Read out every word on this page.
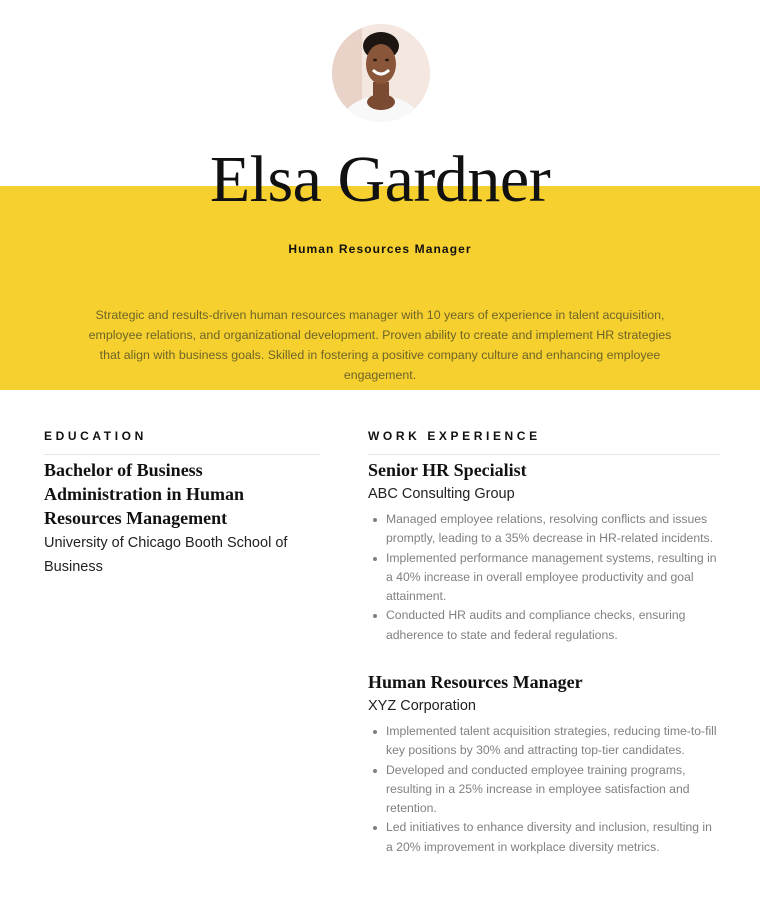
Elsa Gardner

Human Resources Manager

Strategic and results-driven human resources manager with 10 years of experience in talent acquisition, employee relations, and organizational development. Proven ability to create and implement HR strategies that align with business goals. Skilled in fostering a positive company culture and enhancing employee engagement.

EDUCATION

Bachelor of Business Administration in Human Resources Management

University of Chicago Booth School of Business

WORK EXPERIENCE

Senior HR Specialist

ABC Consulting Group

Managed employee relations, resolving conflicts and issues promptly, leading to a 35% decrease in HR-related incidents.
Implemented performance management systems, resulting in a 40% increase in overall employee productivity and goal attainment.
Conducted HR audits and compliance checks, ensuring adherence to state and federal regulations.

Human Resources Manager

XYZ Corporation

Implemented talent acquisition strategies, reducing time-to-fill key positions by 30% and attracting top-tier candidates.
Developed and conducted employee training programs, resulting in a 25% increase in employee satisfaction and retention.
Led initiatives to enhance diversity and inclusion, resulting in a 20% improvement in workplace diversity metrics.
